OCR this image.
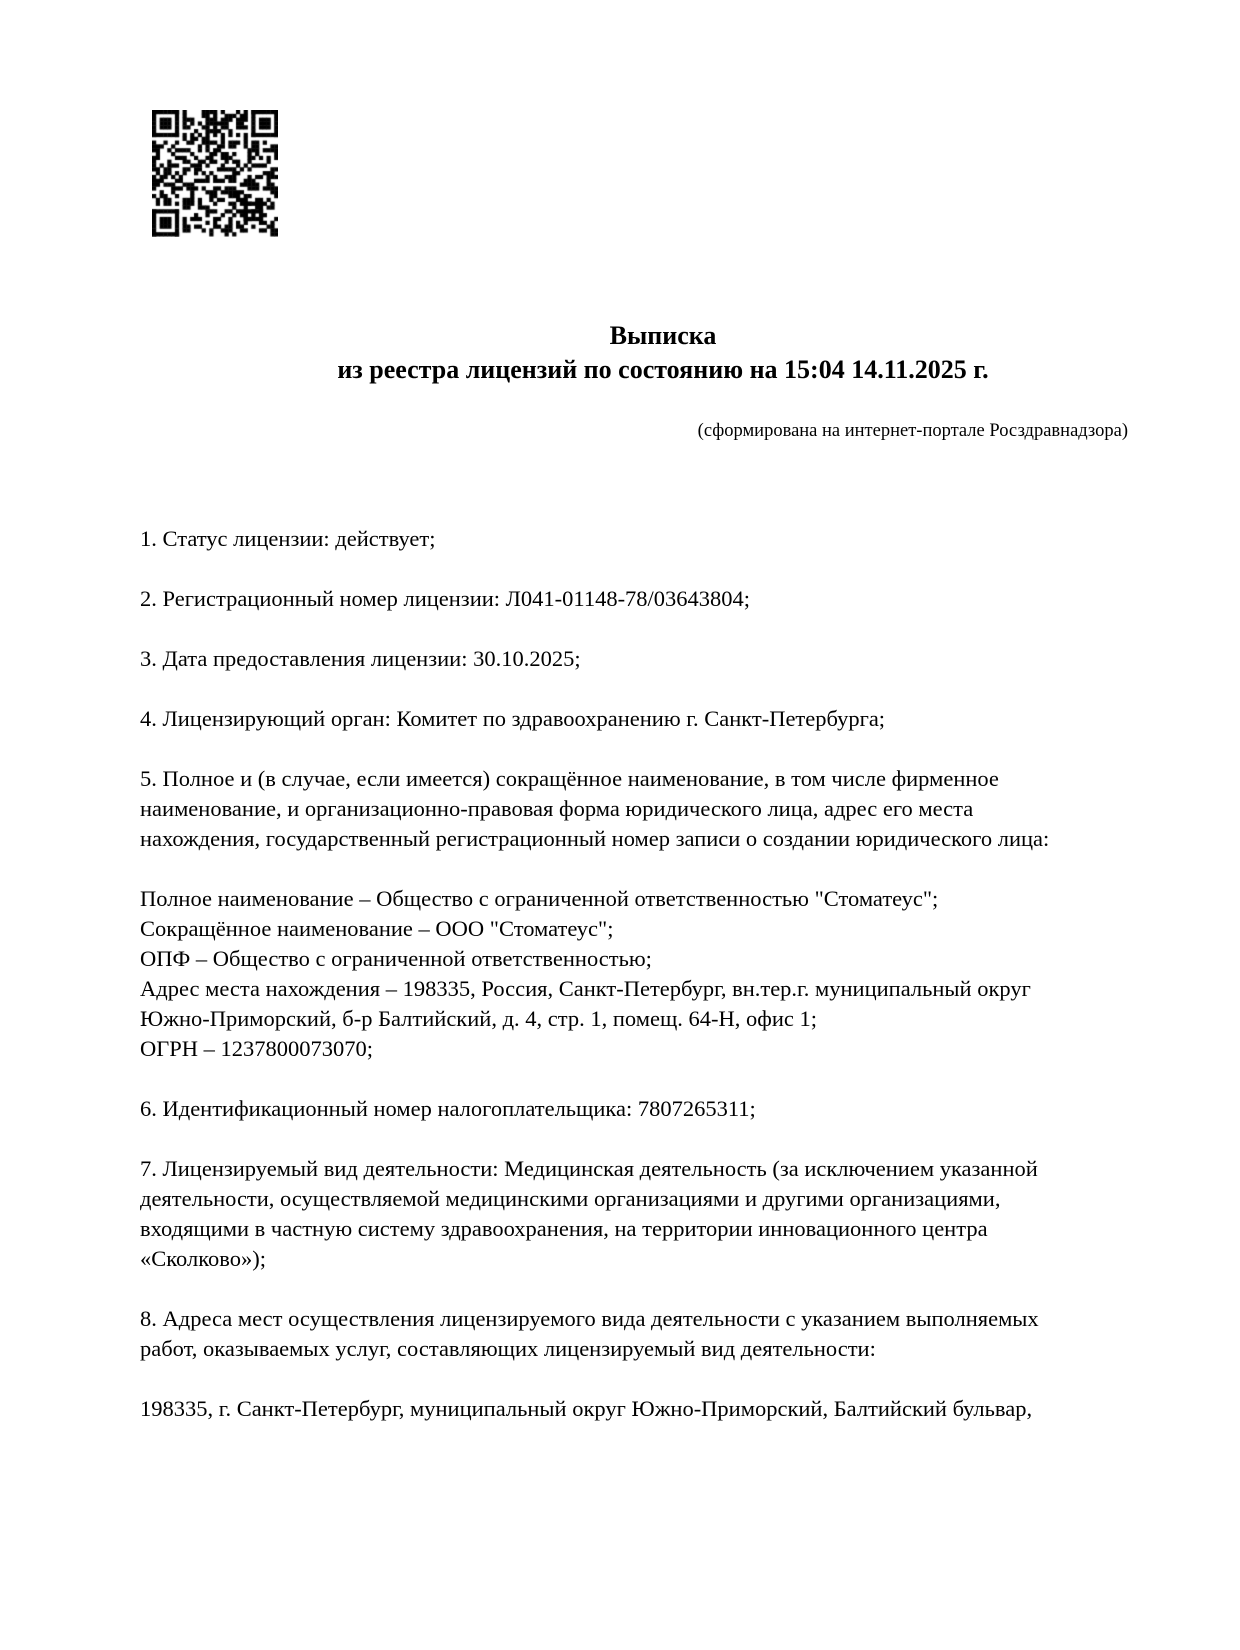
Выписка
из реестра лицензий по состоянию на 15:04 14.11.2025 г.
(сформирована на интернет-портале Росздравнадзора)
1. Статус лицензии: действует;
2. Регистрационный номер лицензии: Л041-01148-78/03643804;
3. Дата предоставления лицензии: 30.10.2025;
4. Лицензирующий орган: Комитет по здравоохранению г. Санкт-Петербурга;
5. Полное и (в случае, если имеется) сокращённое наименование, в том числе фирменное
наименование, и организационно-правовая форма юридического лица, адрес его места
нахождения, государственный регистрационный номер записи о создании юридического лица:
Полное наименование – Общество с ограниченной ответственностью "Стоматеус";
Сокращённое наименование – ООО "Стоматеус";
ОПФ – Общество с ограниченной ответственностью;
Адрес места нахождения – 198335, Россия, Санкт-Петербург, вн.тер.г. муниципальный округ
Южно-Приморский, б-р Балтийский, д. 4, стр. 1, помещ. 64-Н, офис 1;
ОГРН – 1237800073070;
6. Идентификационный номер налогоплательщика: 7807265311;
7. Лицензируемый вид деятельности: Медицинская деятельность (за исключением указанной
деятельности, осуществляемой медицинскими организациями и другими организациями,
входящими в частную систему здравоохранения, на территории инновационного центра
«Сколково»);
8. Адреса мест осуществления лицензируемого вида деятельности с указанием выполняемых
работ, оказываемых услуг, составляющих лицензируемый вид деятельности:
198335, г. Санкт-Петербург, муниципальный округ Южно-Приморский, Балтийский бульвар,
